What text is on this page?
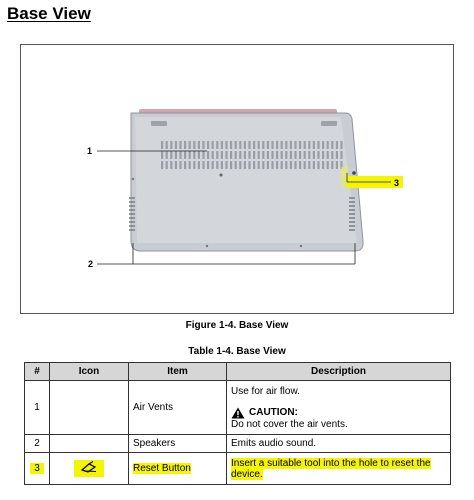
Base View
1
2
3
Figure 1-4. Base View
Table 1-4. Base View
#	Icon	Item	Description
1		Air Vents	Use for air flow.
CAUTION:
Do not cover the air vents.

2		Speakers	Emits audio sound.
3		Reset Button	Insert a suitable tool into the hole to reset the device.
